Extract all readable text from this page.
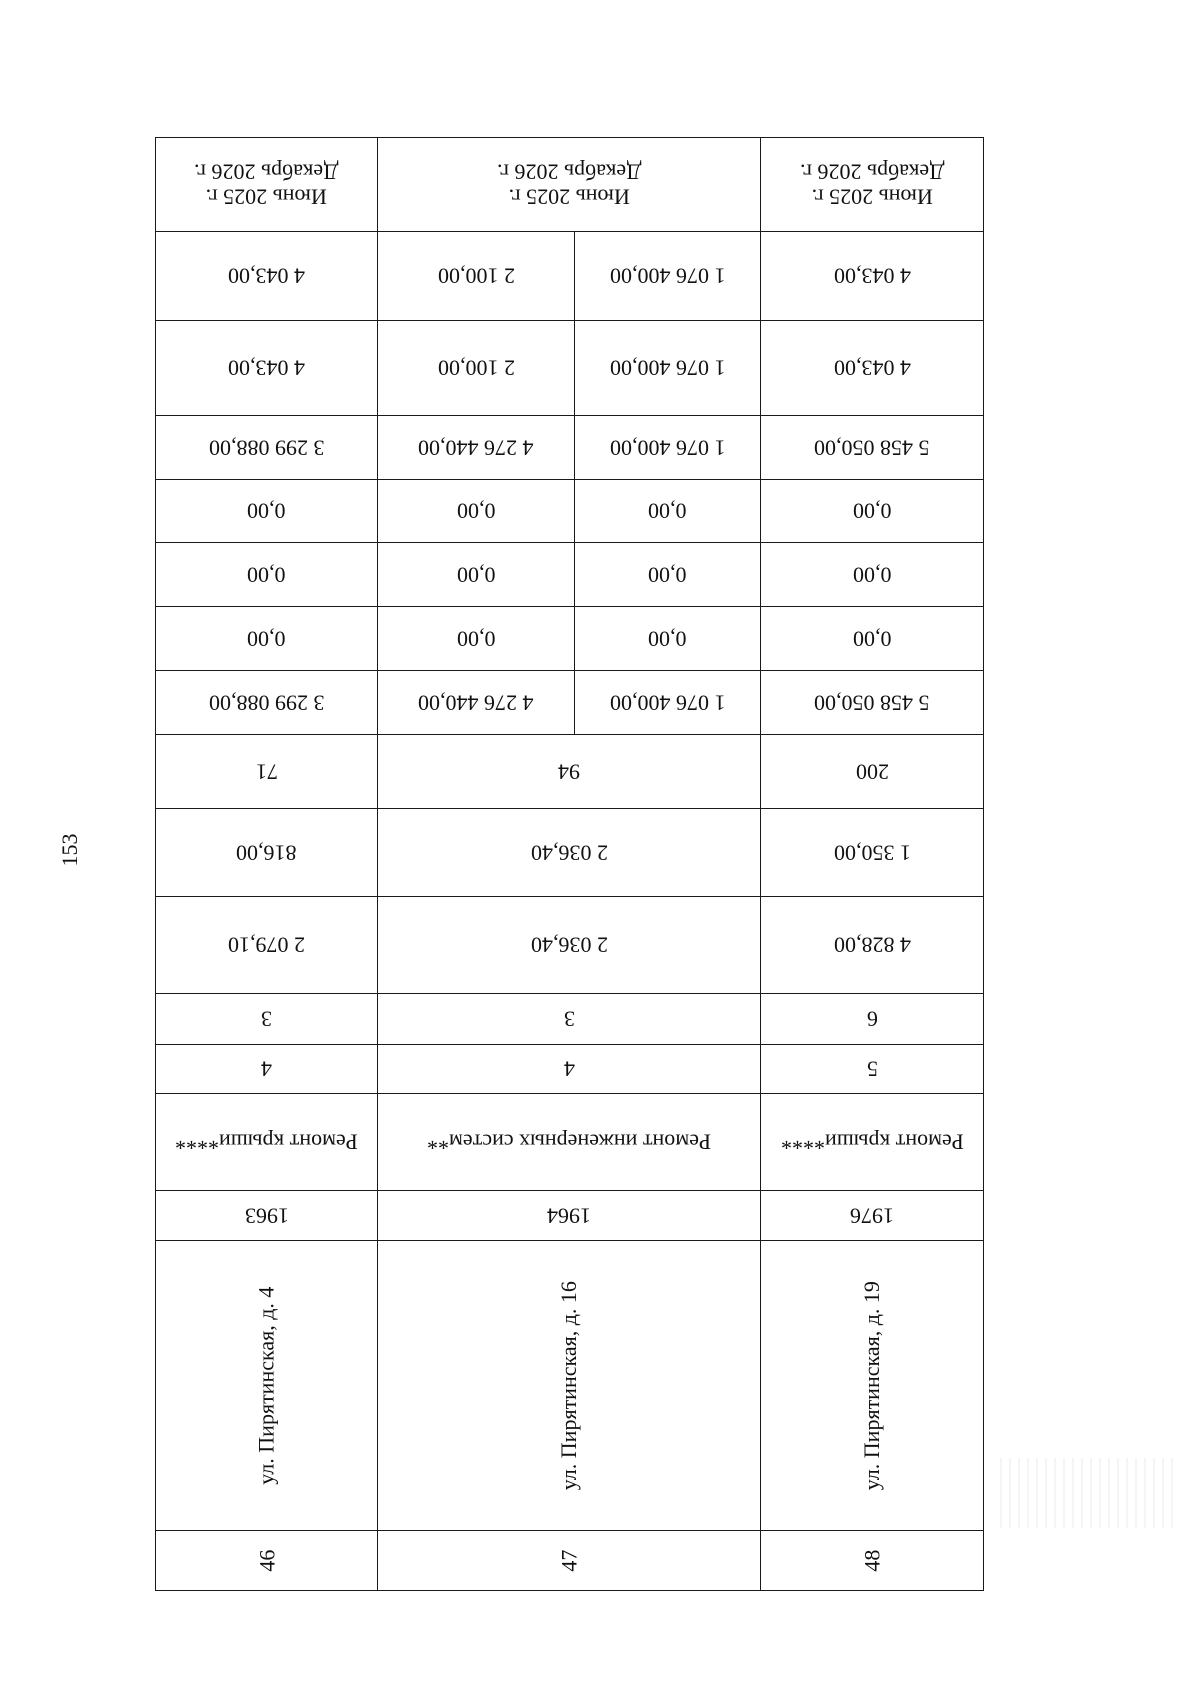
153
46
ул. Пирятинская, д. 4
1963
Ремонт крыши****
4
3
2 079,10
816,00
71
3 299 088,00
0,00
0,00
0,00
3 299 088,00
4 043,00
4 043,00
Июнь 2025 г.
Декабрь 2026 г.
47
ул. Пирятинская, д. 16
1964
Ремонт инженерных систем**
4
3
2 036,40
2 036,40
94
4 276 440,00
0,00
0,00
0,00
4 276 440,00
2 100,00
2 100,00
1 076 400,00
0,00
0,00
0,00
1 076 400,00
1 076 400,00
1 076 400,00
Июнь 2025 г.
Декабрь 2026 г.
48
ул. Пирятинская, д. 19
1976
Ремонт крыши****
5
6
4 828,00
1 350,00
200
5 458 050,00
0,00
0,00
0,00
5 458 050,00
4 043,00
4 043,00
Июнь 2025 г.
Декабрь 2026 г.
